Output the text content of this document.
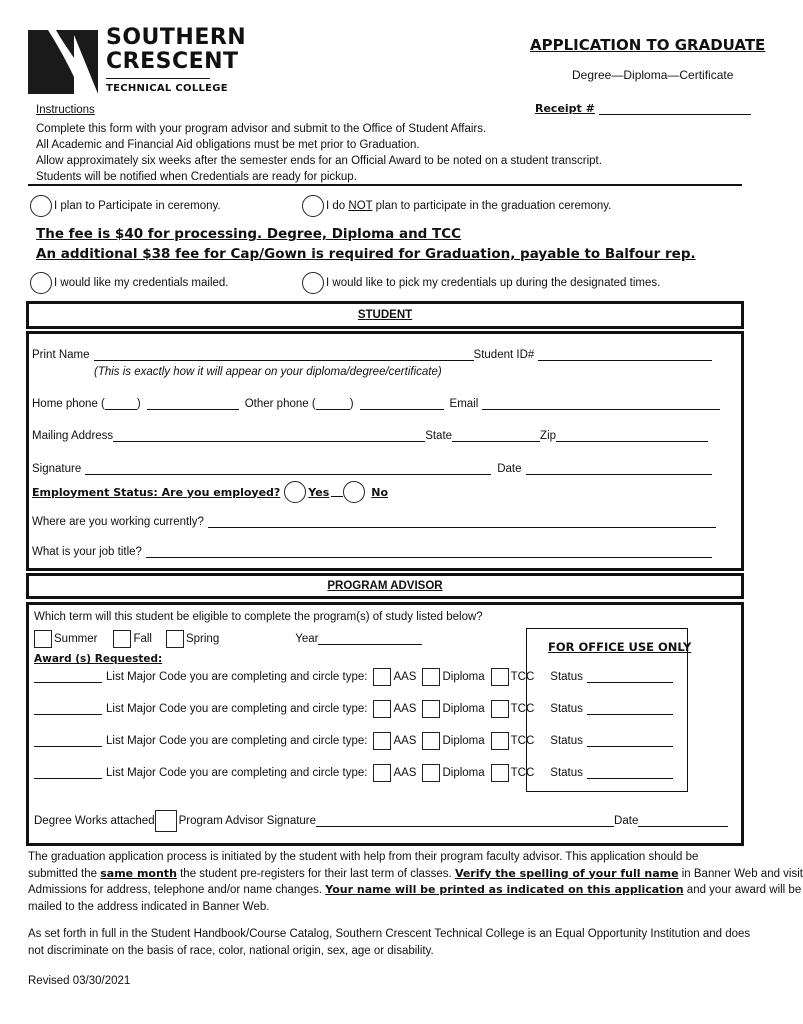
SOUTHERN
CRESCENT
TECHNICAL COLLEGE
APPLICATION TO GRADUATE
Degree—Diploma—Certificate
Receipt #
Instructions
Complete this form with your program advisor and submit to the Office of Student Affairs.
All Academic and Financial Aid obligations must be met prior to Graduation.
Allow approximately six weeks after the semester ends for an Official Award to be noted on a student transcript.
Students will be notified when Credentials are ready for pickup.
I plan to Participate in ceremony.	I do NOT plan to participate in the graduation ceremony.
The fee is $40 for processing. Degree, Diploma and TCC
An additional $38 fee for Cap/Gown is required for Graduation, payable to Balfour rep.
I would like my credentials mailed.	I would like to pick my credentials up during the designated times.
STUDENT
Print Name	Student ID#
(This is exactly how it will appear on your diploma/degree/certificate)
Home phone (	)	Other phone (	)	Email
Mailing Address	State	Zip
Signature	Date
Employment Status: Are you employed?	Yes	No
Where are you working currently?
What is your job title?
PROGRAM ADVISOR
Which term will this student be eligible to complete the program(s) of study listed below?
Summer	Fall	Spring	Year
FOR OFFICE USE ONLY
Award (s) Requested:
List Major Code you are completing and circle type: AAS Diploma TCC Status
List Major Code you are completing and circle type: AAS Diploma TCC Status
List Major Code you are completing and circle type: AAS Diploma TCC Status
List Major Code you are completing and circle type: AAS Diploma TCC Status
Degree Works attached Program Advisor Signature	Date
The graduation application process is initiated by the student with help from their program faculty advisor. This application should be
submitted the same month the student pre-registers for their last term of classes. Verify the spelling of your full name in Banner Web and visit
Admissions for address, telephone and/or name changes. Your name will be printed as indicated on this application and your award will be
mailed to the address indicated in Banner Web.
As set forth in full in the Student Handbook/Course Catalog, Southern Crescent Technical College is an Equal Opportunity Institution and does
not discriminate on the basis of race, color, national origin, sex, age or disability.
Revised 03/30/2021
